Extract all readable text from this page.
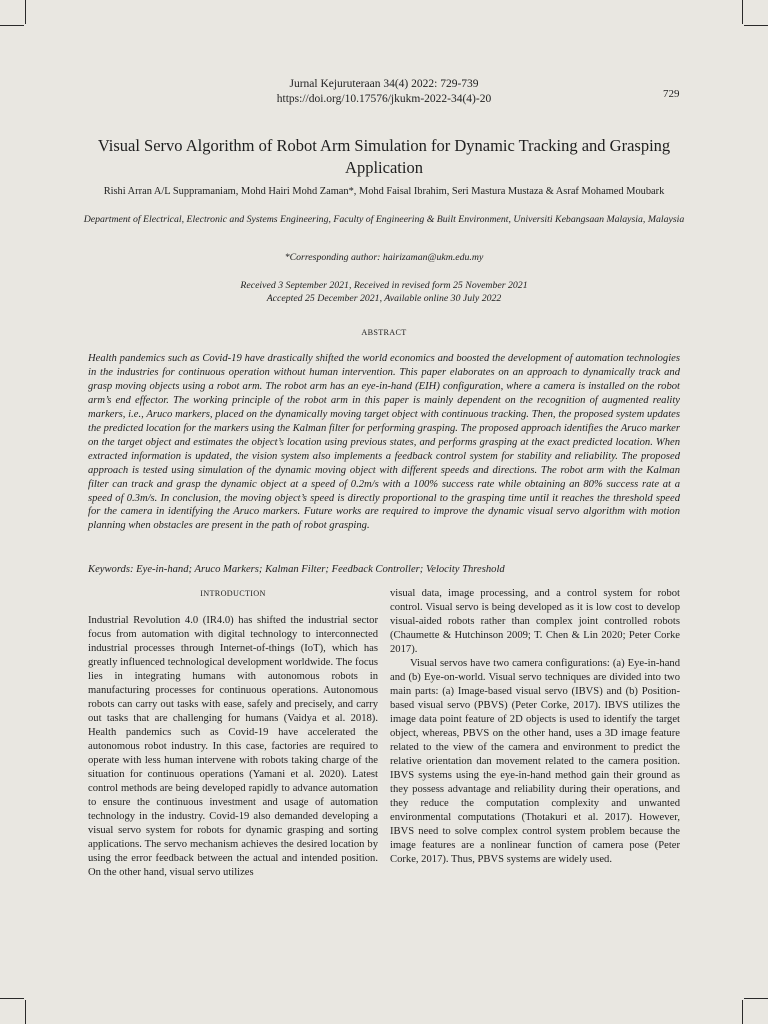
Jurnal Kejuruteraan 34(4) 2022: 729-739
https://doi.org/10.17576/jkukm-2022-34(4)-20	729
Visual Servo Algorithm of Robot Arm Simulation for Dynamic Tracking and Grasping Application
Rishi Arran A/L Suppramaniam, Mohd Hairi Mohd Zaman*, Mohd Faisal Ibrahim, Seri Mastura Mustaza & Asraf Mohamed Moubark
Department of Electrical, Electronic and Systems Engineering, Faculty of Engineering & Built Environment, Universiti Kebangsaan Malaysia, Malaysia
*Corresponding author: hairizaman@ukm.edu.my
Received 3 September 2021, Received in revised form 25 November 2021
Accepted 25 December 2021, Available online 30 July 2022
ABSTRACT

Health pandemics such as Covid-19 have drastically shifted the world economics and boosted the development of automation technologies in the industries for continuous operation without human intervention. This paper elaborates on an approach to dynamically track and grasp moving objects using a robot arm. The robot arm has an eye-in-hand (EIH) configuration, where a camera is installed on the robot arm’s end effector. The working principle of the robot arm in this paper is mainly dependent on the recognition of augmented reality markers, i.e., Aruco markers, placed on the dynamically moving target object with continuous tracking. Then, the proposed system updates the predicted location for the markers using the Kalman filter for performing grasping. The proposed approach identifies the Aruco marker on the target object and estimates the object’s location using previous states, and performs grasping at the exact predicted location. When extracted information is updated, the vision system also implements a feedback control system for stability and reliability. The proposed approach is tested using simulation of the dynamic moving object with different speeds and directions. The robot arm with the Kalman filter can track and grasp the dynamic object at a speed of 0.2m/s with a 100% success rate while obtaining an 80% success rate at a speed of 0.3m/s. In conclusion, the moving object’s speed is directly proportional to the grasping time until it reaches the threshold speed for the camera in identifying the Aruco markers. Future works are required to improve the dynamic visual servo algorithm with motion planning when obstacles are present in the path of robot grasping.

Keywords: Eye-in-hand; Aruco Markers; Kalman Filter; Feedback Controller; Velocity Threshold

INTRODUCTION

Industrial Revolution 4.0 (IR4.0) has shifted the industrial sector focus from automation with digital technology to interconnected industrial processes through Internet-of-things (IoT), which has greatly influenced technological development worldwide. The focus lies in integrating humans with autonomous robots in manufacturing processes for continuous operations. Autonomous robots can carry out tasks with ease, safely and precisely, and carry out tasks that are challenging for humans (Vaidya et al. 2018). Health pandemics such as Covid-19 have accelerated the autonomous robot industry. In this case, factories are required to operate with less human intervene with robots taking charge of the situation for continuous operations (Yamani et al. 2020). Latest control methods are being developed rapidly to advance automation to ensure the continuous investment and usage of automation technology in the industry. Covid-19 also demanded developing a visual servo system for robots for dynamic grasping and sorting applications. The servo mechanism achieves the desired location by using the error feedback between the actual and intended position. On the other hand, visual servo utilizes

visual data, image processing, and a control system for robot control. Visual servo is being developed as it is low cost to develop visual-aided robots rather than complex joint controlled robots (Chaumette & Hutchinson 2009; T. Chen & Lin 2020; Peter Corke 2017).

Visual servos have two camera configurations: (a) Eye-in-hand and (b) Eye-on-world. Visual servo techniques are divided into two main parts: (a) Image-based visual servo (IBVS) and (b) Position-based visual servo (PBVS) (Peter Corke, 2017). IBVS utilizes the image data point feature of 2D objects is used to identify the target object, whereas, PBVS on the other hand, uses a 3D image feature related to the view of the camera and environment to predict the relative orientation dan movement related to the camera position. IBVS systems using the eye-in-hand method gain their ground as they possess advantage and reliability during their operations, and they reduce the computation complexity and unwanted environmental computations (Thotakuri et al. 2017). However, IBVS need to solve complex control system problem because the image features are a nonlinear function of camera pose (Peter Corke, 2017). Thus, PBVS systems are widely used.
